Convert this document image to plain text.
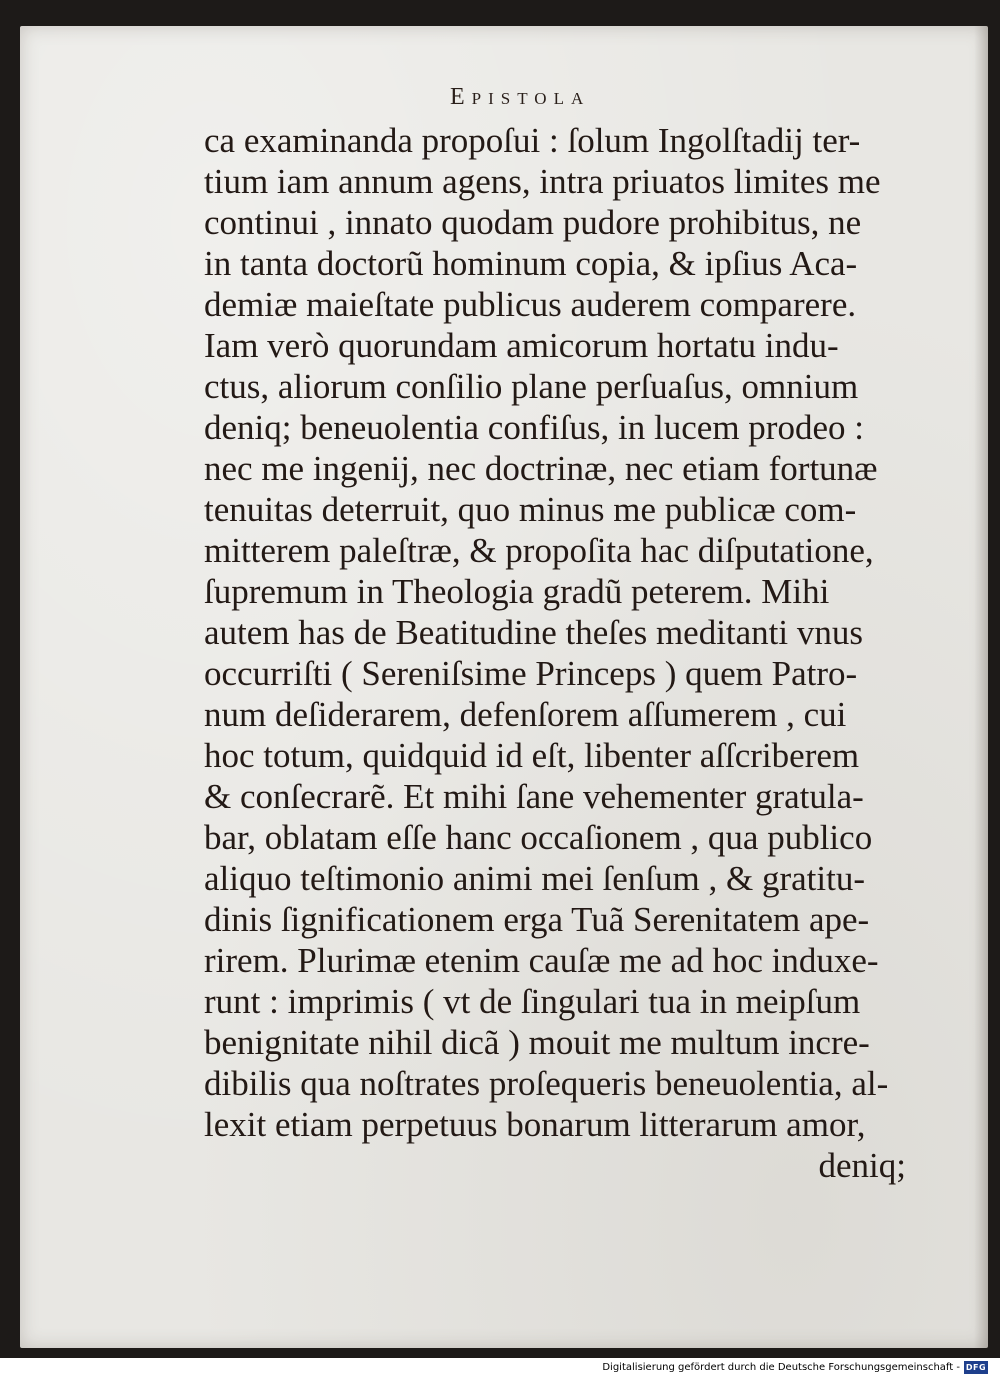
Epistola
ca examinanda propoſui : ſolum Ingolſtadij ter-
tium iam annum agens, intra priuatos limites me
continui , innato quodam pudore prohibitus, ne
in tanta doctorũ hominum copia, & ipſius Aca-
demiæ maieſtate publicus auderem comparere.
Iam verò quorundam amicorum hortatu indu-
ctus, aliorum conſilio plane perſuaſus, omnium
deniq; beneuolentia confiſus, in lucem prodeo :
nec me ingenij, nec doctrinæ, nec etiam fortunæ
tenuitas deterruit, quo minus me publicæ com-
mitterem paleſtræ, & propoſita hac diſputatione,
ſupremum in Theologia gradũ peterem. Mihi
autem has de Beatitudine theſes meditanti vnus
occurriſti ( Sereniſsime Princeps ) quem Patro-
num deſiderarem, defenſorem aſſumerem , cui
hoc totum, quidquid id eſt, libenter aſſcriberem
& conſecrarẽ. Et mihi ſane vehementer gratula-
bar, oblatam eſſe hanc occaſionem , qua publico
aliquo teſtimonio animi mei ſenſum , & gratitu-
dinis ſignificationem erga Tuã Serenitatem ape-
rirem. Plurimæ etenim cauſæ me ad hoc induxe-
runt : imprimis ( vt de ſingulari tua in meipſum
benignitate nihil dicã ) mouit me multum incre-
dibilis qua noſtrates proſequeris beneuolentia, al-
lexit etiam perpetuus bonarum litterarum amor,
deniq;
Digitalisierung gefördert durch die Deutsche Forschungsgemeinschaft - DFG
